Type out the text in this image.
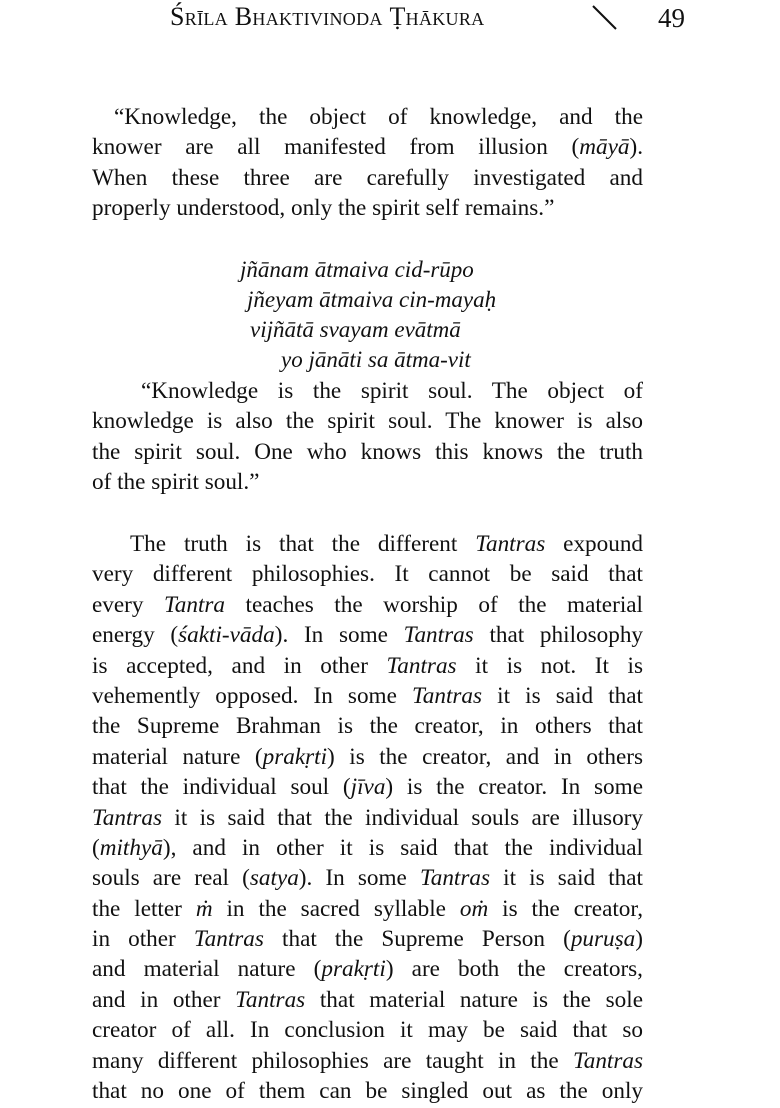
Śrīla Bhaktivinoda Ṭhākura	49
“Knowledge, the object of knowledge, and the
knower are all manifested from illusion (māyā).
When these three are carefully investigated and
properly understood, only the spirit self remains.”
jñānam ātmaiva cid-rūpo
jñeyam ātmaiva cin-mayaḥ
vijñātā svayam evātmā
yo jānāti sa ātma-vit
“Knowledge is the spirit soul. The object of
knowledge is also the spirit soul. The knower is also
the spirit soul. One who knows this knows the truth
of the spirit soul.”
The truth is that the different Tantras expound
very different philosophies. It cannot be said that
every Tantra teaches the worship of the material
energy (śakti-vāda). In some Tantras that philosophy
is accepted, and in other Tantras it is not. It is
vehemently opposed. In some Tantras it is said that
the Supreme Brahman is the creator, in others that
material nature (prakṛti) is the creator, and in others
that the individual soul (jīva) is the creator. In some
Tantras it is said that the individual souls are illusory
(mithyā), and in other it is said that the individual
souls are real (satya). In some Tantras it is said that
the letter ṁ in the sacred syllable oṁ is the creator,
in other Tantras that the Supreme Person (puruṣa)
and material nature (prakṛti) are both the creators,
and in other Tantras that material nature is the sole
creator of all. In conclusion it may be said that so
many different philosophies are taught in the Tantras
that no one of them can be singled out as the only
